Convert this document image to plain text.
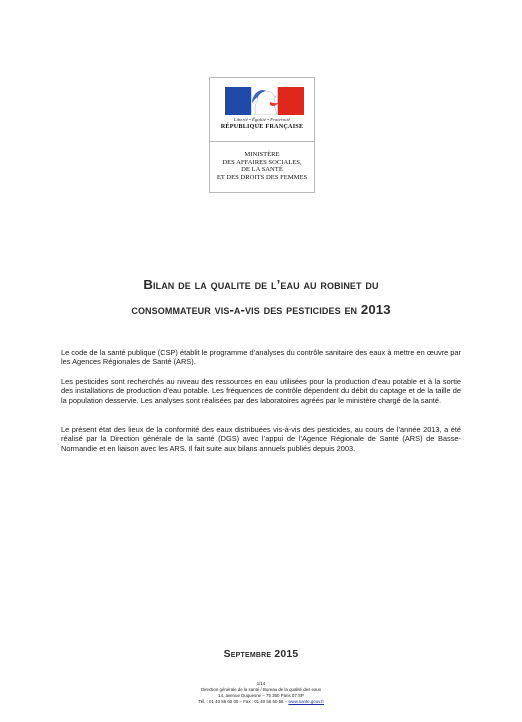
Liberté • Égalité • Fraternité
RÉPUBLIQUE FRANÇAISE
MINISTÈRE
DES AFFAIRES SOCIALES,
DE LA SANTÉ
ET DES DROITS DES FEMMES
Bilan de la qualite de l’eau au robinet du
consommateur vis-a-vis des pesticides en 2013

Le code de la santé publique (CSP) établit le programme d’analyses du contrôle sanitaire des eaux à mettre en œuvre par les Agences Régionales de Santé (ARS).

Les pesticides sont recherchés au niveau des ressources en eau utilisées pour la production d’eau potable et à la sortie des installations de production d’eau potable. Les fréquences de contrôle dépendent du débit du captage et de la taille de la population desservie. Les analyses sont réalisées par des laboratoires agréés par le ministère chargé de la santé.

Le présent état des lieux de la conformité des eaux distribuées vis-à-vis des pesticides, au cours de l’année 2013, a été réalisé par la Direction générale de la santé (DGS) avec l’appui de l’Agence Régionale de Santé (ARS) de Basse-Normandie et en liaison avec les ARS. Il fait suite aux bilans annuels publiés depuis 2003.

Septembre 2015
1/14
Direction générale de la santé / Bureau de la qualité des eaux
14, avenue Duquesne – 75 350 Paris 07 SP
Tél. : 01 40 56 60 00 – Fax : 01 40 56 50 56 – www.sante.gouv.fr
